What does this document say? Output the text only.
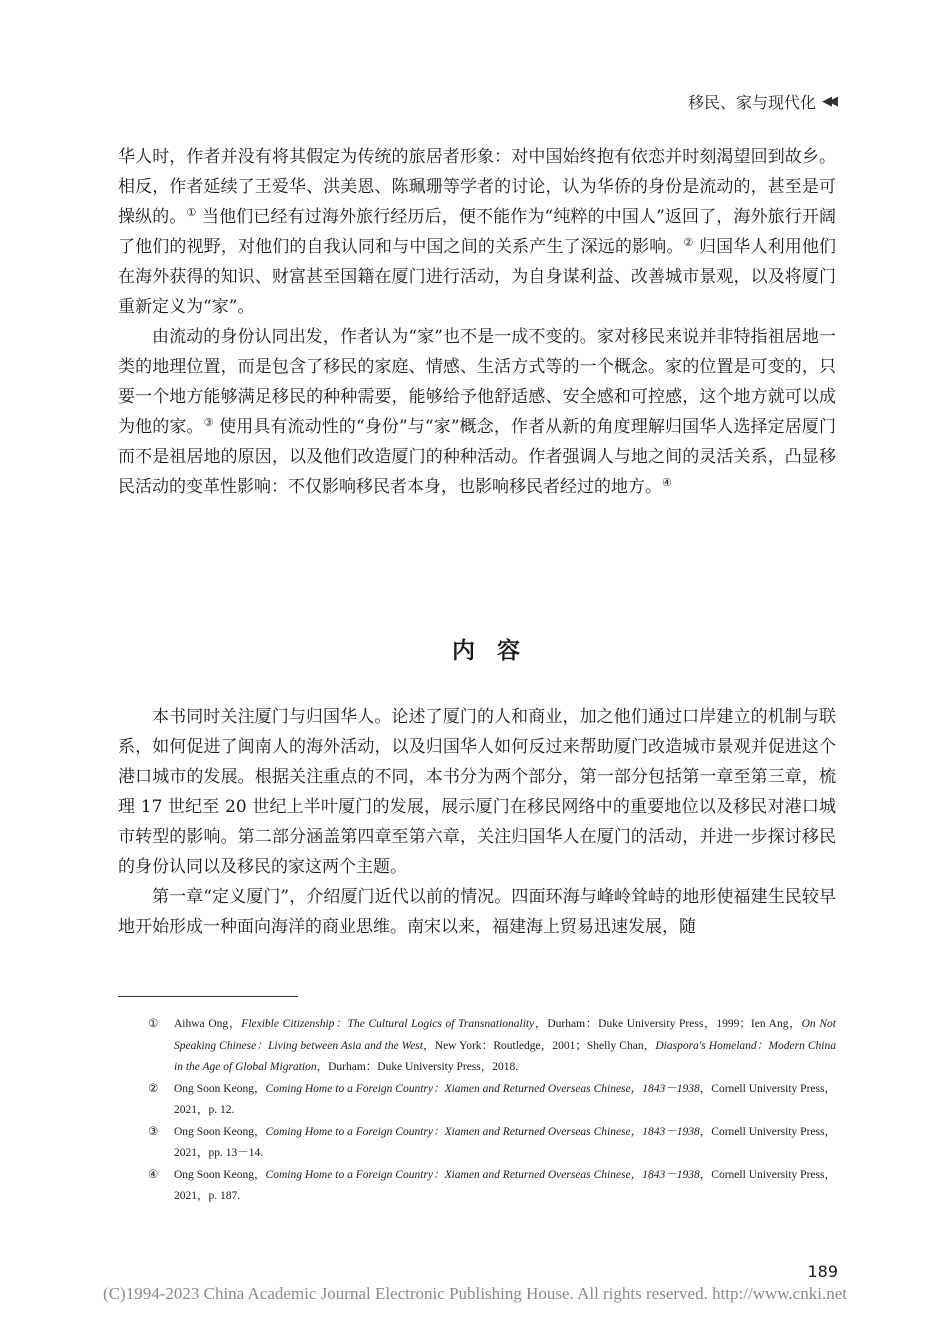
移民、家与现代化 ◀◀

华人时，作者并没有将其假定为传统的旅居者形象：对中国始终抱有依恋并时刻渴望回到故乡。相反，作者延续了王爱华、洪美恩、陈珮珊等学者的讨论，认为华侨的身份是流动的，甚至是可操纵的。① 当他们已经有过海外旅行经历后，便不能作为“纯粹的中国人”返回了，海外旅行开阔了他们的视野，对他们的自我认同和与中国之间的关系产生了深远的影响。② 归国华人利用他们在海外获得的知识、财富甚至国籍在厦门进行活动，为自身谋利益、改善城市景观，以及将厦门重新定义为“家”。

由流动的身份认同出发，作者认为“家”也不是一成不变的。家对移民来说并非特指祖居地一类的地理位置，而是包含了移民的家庭、情感、生活方式等的一个概念。家的位置是可变的，只要一个地方能够满足移民的种种需要，能够给予他舒适感、安全感和可控感，这个地方就可以成为他的家。③ 使用具有流动性的“身份”与“家”概念，作者从新的角度理解归国华人选择定居厦门而不是祖居地的原因，以及他们改造厦门的种种活动。作者强调人与地之间的灵活关系，凸显移民活动的变革性影响：不仅影响移民者本身，也影响移民者经过的地方。④

内容

本书同时关注厦门与归国华人。论述了厦门的人和商业，加之他们通过口岸建立的机制与联系，如何促进了闽南人的海外活动，以及归国华人如何反过来帮助厦门改造城市景观并促进这个港口城市的发展。根据关注重点的不同，本书分为两个部分，第一部分包括第一章至第三章，梳理 17 世纪至 20 世纪上半叶厦门的发展，展示厦门在移民网络中的重要地位以及移民对港口城市转型的影响。第二部分涵盖第四章至第六章，关注归国华人在厦门的活动，并进一步探讨移民的身份认同以及移民的家这两个主题。

第一章“定义厦门”，介绍厦门近代以前的情况。四面环海与峰岭耸峙的地形使福建生民较早地开始形成一种面向海洋的商业思维。南宋以来，福建海上贸易迅速发展，随

①	Aihwa Ong，Flexible Citizenship：The Cultural Logics of Transnationality，Durham：Duke University Press，1999；Ien Ang，On Not Speaking Chinese：Living between Asia and the West，New York：Routledge，2001；Shelly Chan，Diaspora's Homeland：Modern China in the Age of Global Migration，Durham：Duke University Press，2018.
②	Ong Soon Keong，Coming Home to a Foreign Country：Xiamen and Returned Overseas Chinese，1843－1938，Cornell University Press，2021，p. 12.
③	Ong Soon Keong，Coming Home to a Foreign Country：Xiamen and Returned Overseas Chinese，1843－1938，Cornell University Press，2021，pp. 13－14.
④	Ong Soon Keong，Coming Home to a Foreign Country：Xiamen and Returned Overseas Chinese，1843－1938，Cornell University Press，2021，p. 187.
189
(C)1994-2023 China Academic Journal Electronic Publishing House. All rights reserved. http://www.cnki.net
